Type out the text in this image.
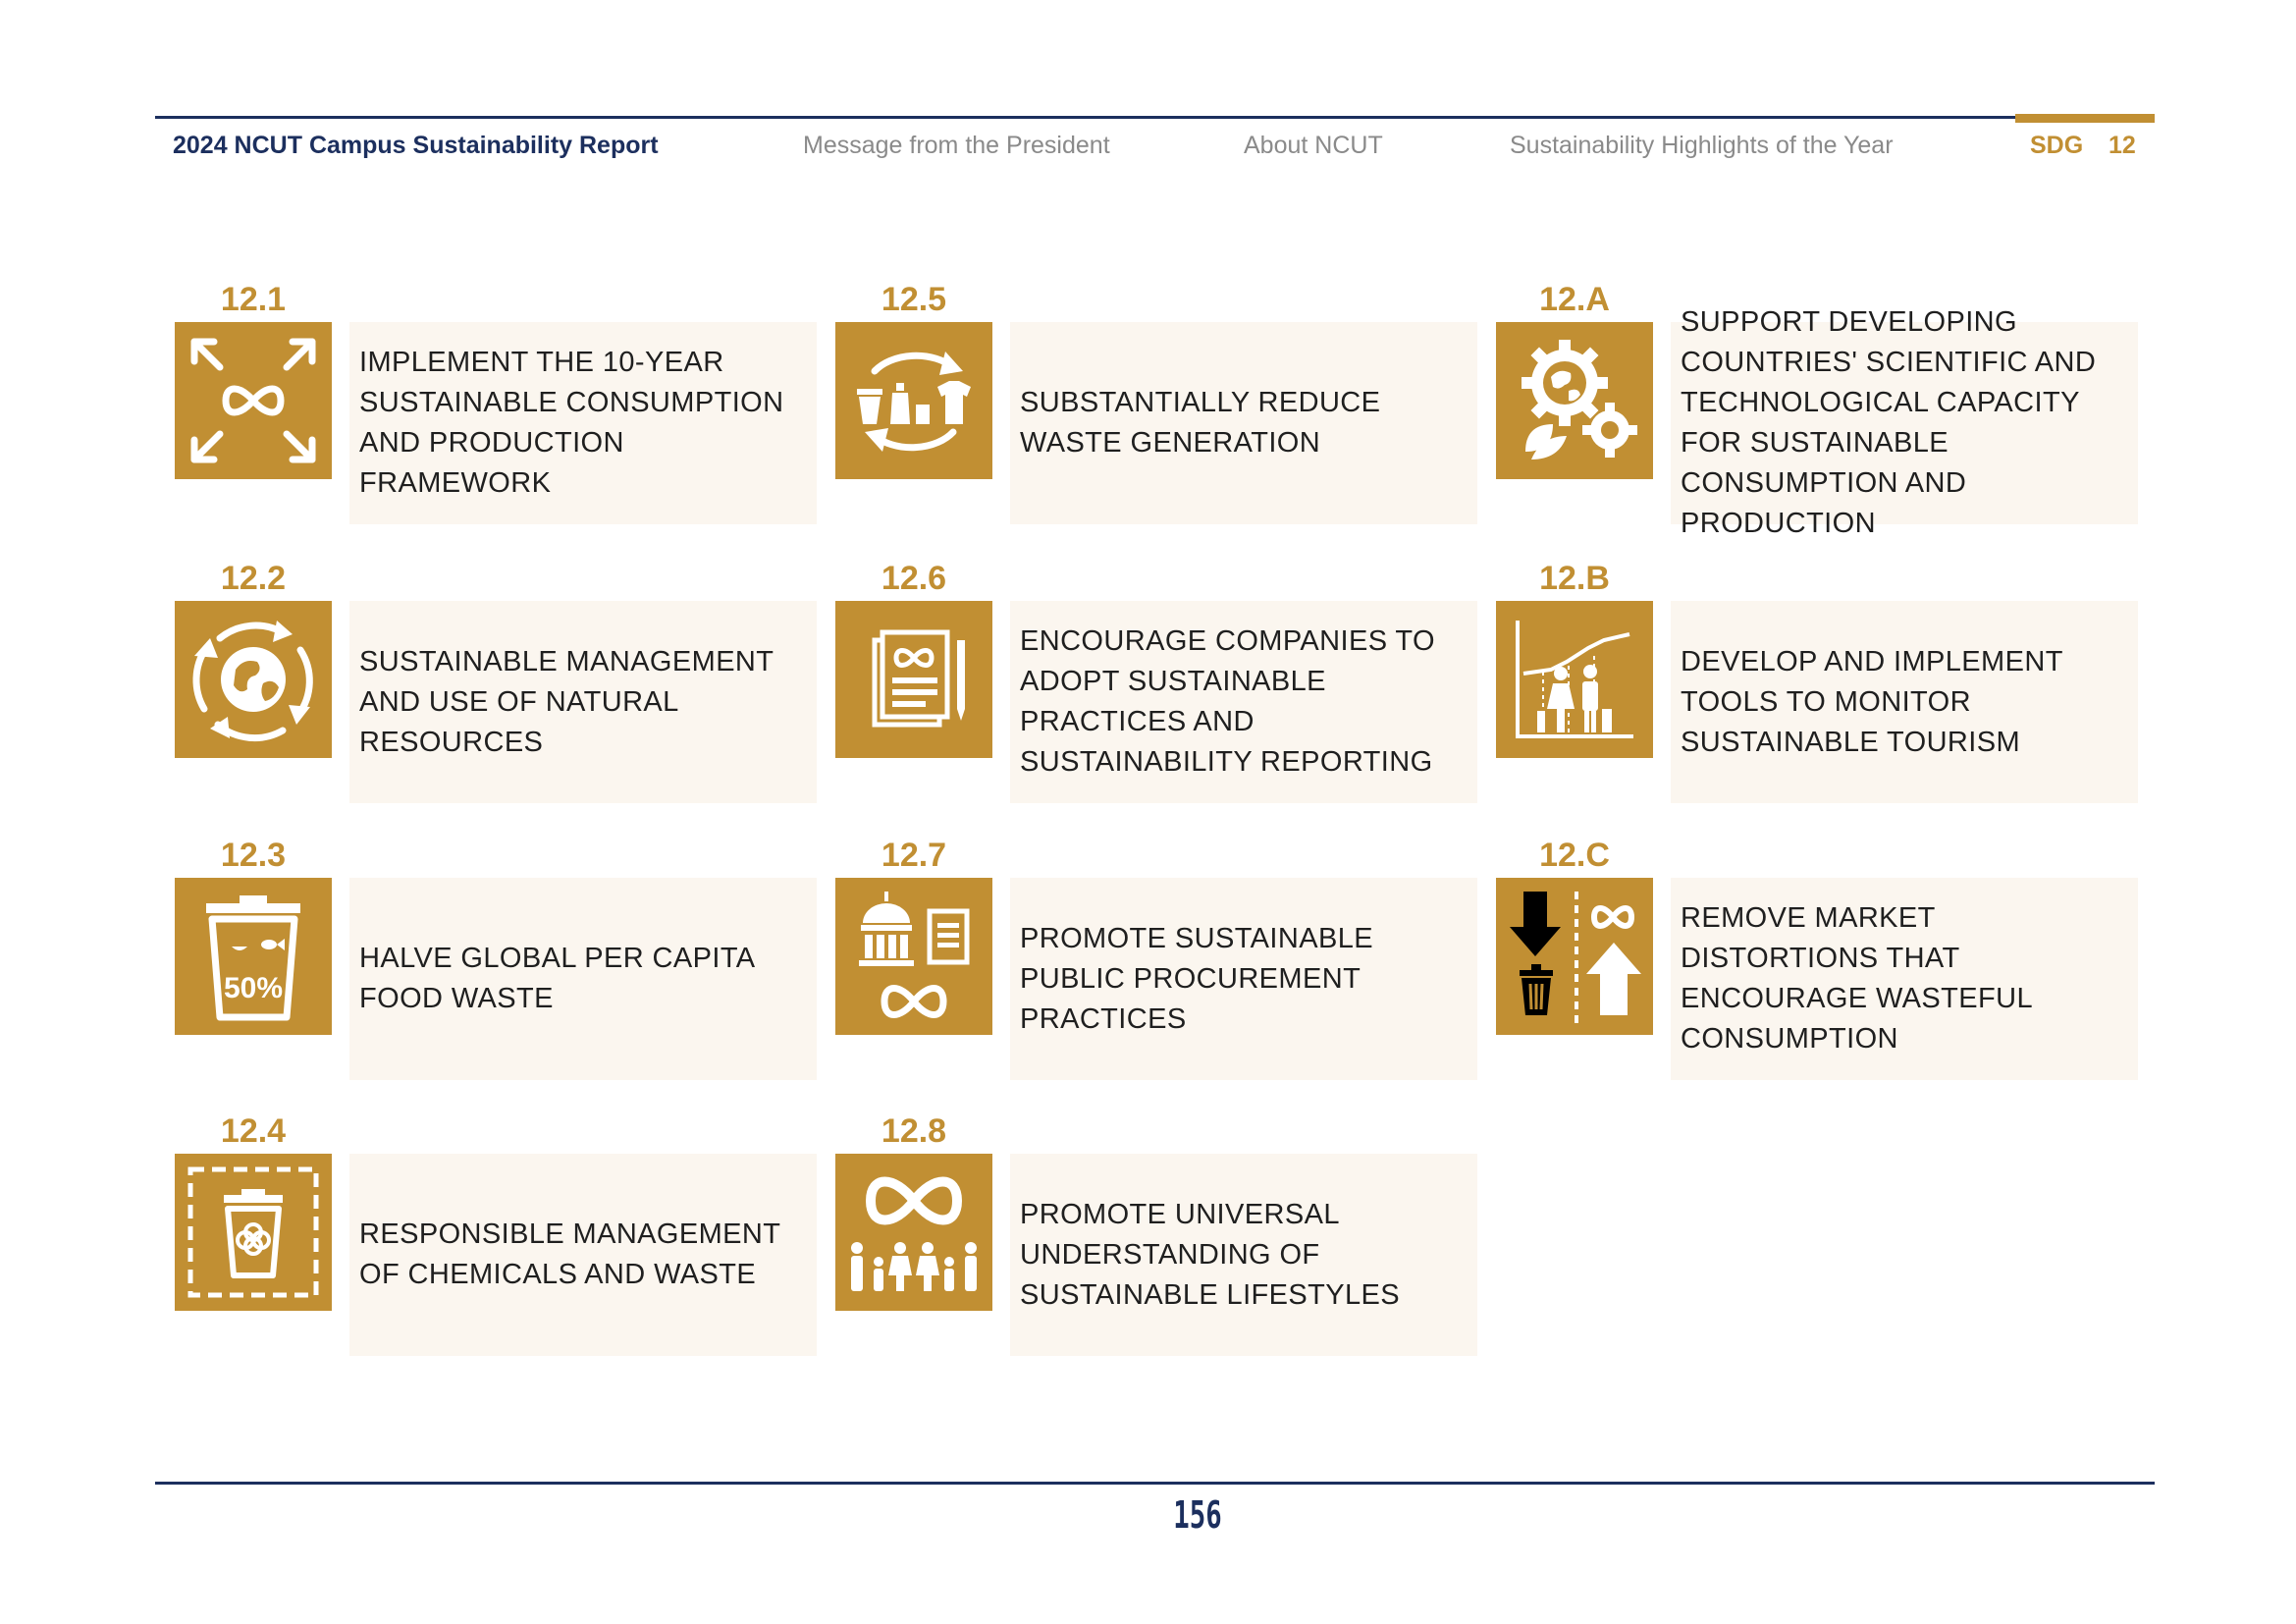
2024 NCUT Campus Sustainability Report	Message from the President	About NCUT	Sustainability Highlights of the Year	SDG 12
12.1

IMPLEMENT THE 10-YEAR SUSTAINABLE CONSUMPTION AND PRODUCTION FRAMEWORK

12.2

SUSTAINABLE MANAGEMENT AND USE OF NATURAL RESOURCES

12.3
50%

HALVE GLOBAL PER CAPITA FOOD WASTE

12.4

RESPONSIBLE MANAGEMENT OF CHEMICALS AND WASTE

12.5

SUBSTANTIALLY REDUCE WASTE GENERATION

12.6

ENCOURAGE COMPANIES TO ADOPT SUSTAINABLE PRACTICES AND SUSTAINABILITY REPORTING

12.7

PROMOTE SUSTAINABLE PUBLIC PROCUREMENT PRACTICES

12.8

PROMOTE UNIVERSAL UNDERSTANDING OF SUSTAINABLE LIFESTYLES

12.A

SUPPORT DEVELOPING COUNTRIES' SCIENTIFIC AND TECHNOLOGICAL CAPACITY FOR SUSTAINABLE CONSUMPTION AND PRODUCTION

12.B

DEVELOP AND IMPLEMENT TOOLS TO MONITOR SUSTAINABLE TOURISM

12.C

REMOVE MARKET DISTORTIONS THAT ENCOURAGE WASTEFUL CONSUMPTION

156
